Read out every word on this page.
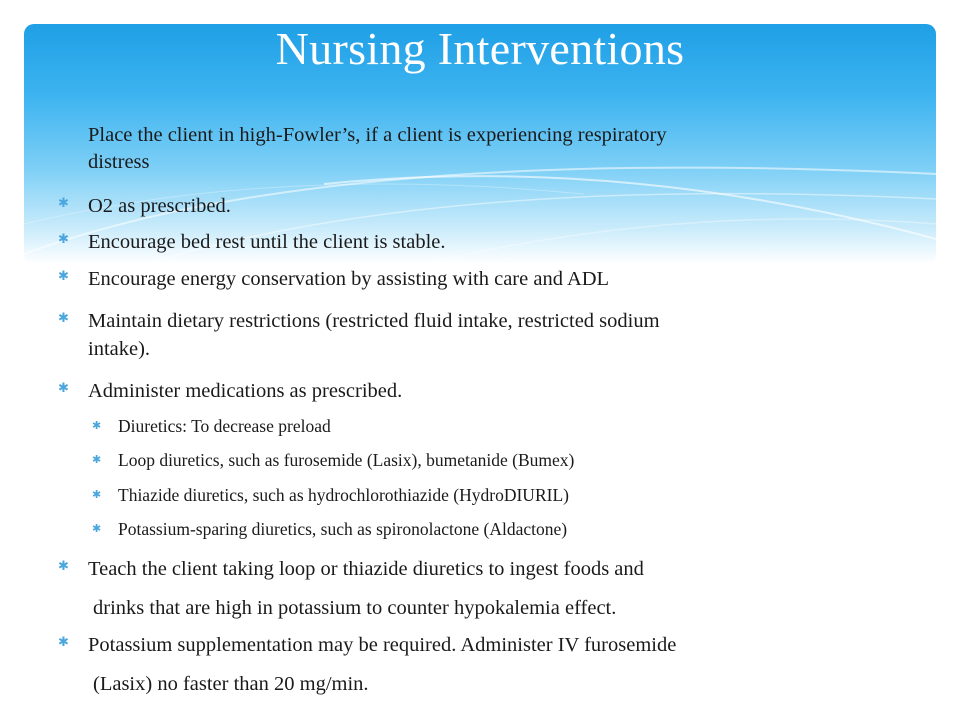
Nursing Interventions
Place the client in high-Fowler’s, if a client is experiencing respiratory
distress
✱ O2 as prescribed.
✱ Encourage bed rest until the client is stable.
✱ Encourage energy conservation by assisting with care and ADL
✱ Maintain dietary restrictions (restricted fluid intake, restricted sodium
intake).
✱ Administer medications as prescribed.
✱ Diuretics: To decrease preload
✱ Loop diuretics, such as furosemide (Lasix), bumetanide (Bumex)
✱ Thiazide diuretics, such as hydrochlorothiazide (HydroDIURIL)
✱ Potassium-sparing diuretics, such as spironolactone (Aldactone)
✱ Teach the client taking loop or thiazide diuretics to ingest foods and
drinks that are high in potassium to counter hypokalemia effect.
✱ Potassium supplementation may be required. Administer IV furosemide
(Lasix) no faster than 20 mg/min.
